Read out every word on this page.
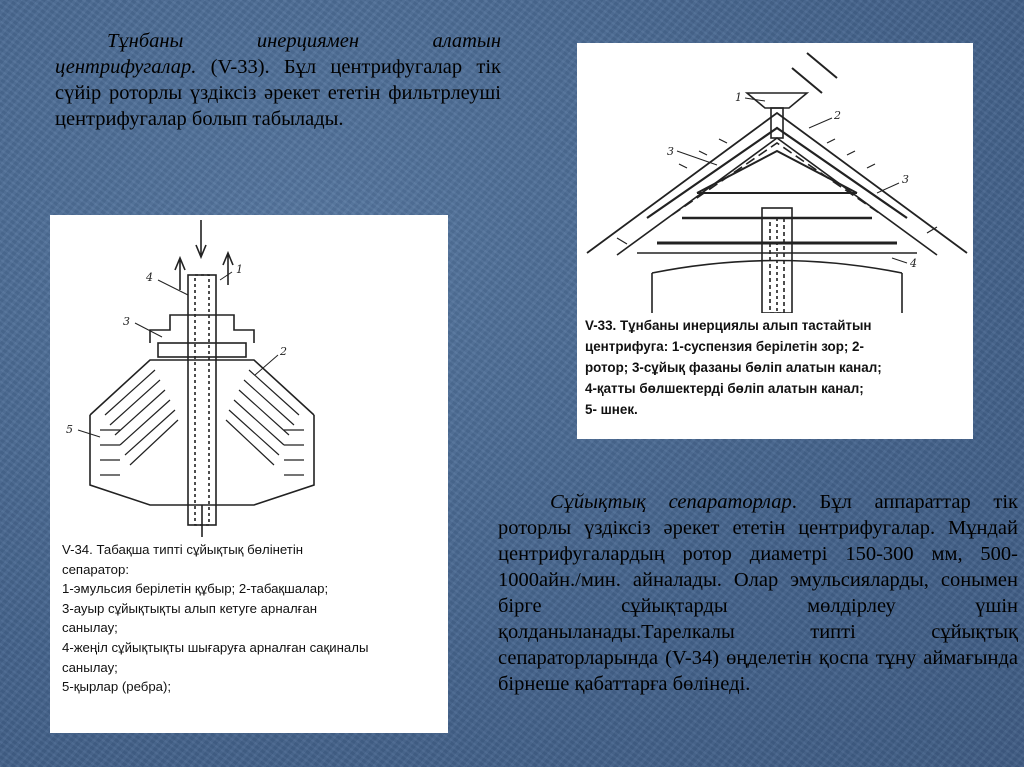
Тұнбаны инерциямен алатын центрифугалар. (V-33). Бұл центрифугалар тік сүйір роторлы үздіксіз әрекет ететін фильтрлеуші центрифугалар болып табылады.

1
2
3
3
4
V-33. Тұнбаны инерциялы алып тастайтын
центрифуга: 1-суспензия берілетін зор; 2-
ротор; 3-сұйық фазаны бөліп алатын канал;
4-қатты бөлшектерді бөліп алатын канал;
5- шнек.
4
1
3
2
5
V-34. Табақша типті сұйықтық бөлінетін
сепаратор:
1-эмульсия берілетін құбыр; 2-табақшалар;
3-ауыр сұйықтықты алып кетуге арналған
санылау;
4-жеңіл сұйықтықты шығаруға арналған сақиналы
санылау;
5-қырлар (ребра);

Сұйықтық сепараторлар. Бұл аппараттар тік роторлы үздіксіз әрекет ететін центрифугалар. Мұндай центрифугалардың ротор диаметрі 150-300 мм, 500-1000айн./мин. айналады. Олар эмульсияларды, сонымен бірге сұйықтарды мөлдірлеу үшін қолданыланады.Тарелкалы типті сұйықтық сепараторларында (V-34) өңделетін қоспа тұну аймағында бірнеше қабаттарға бөлінеді.
